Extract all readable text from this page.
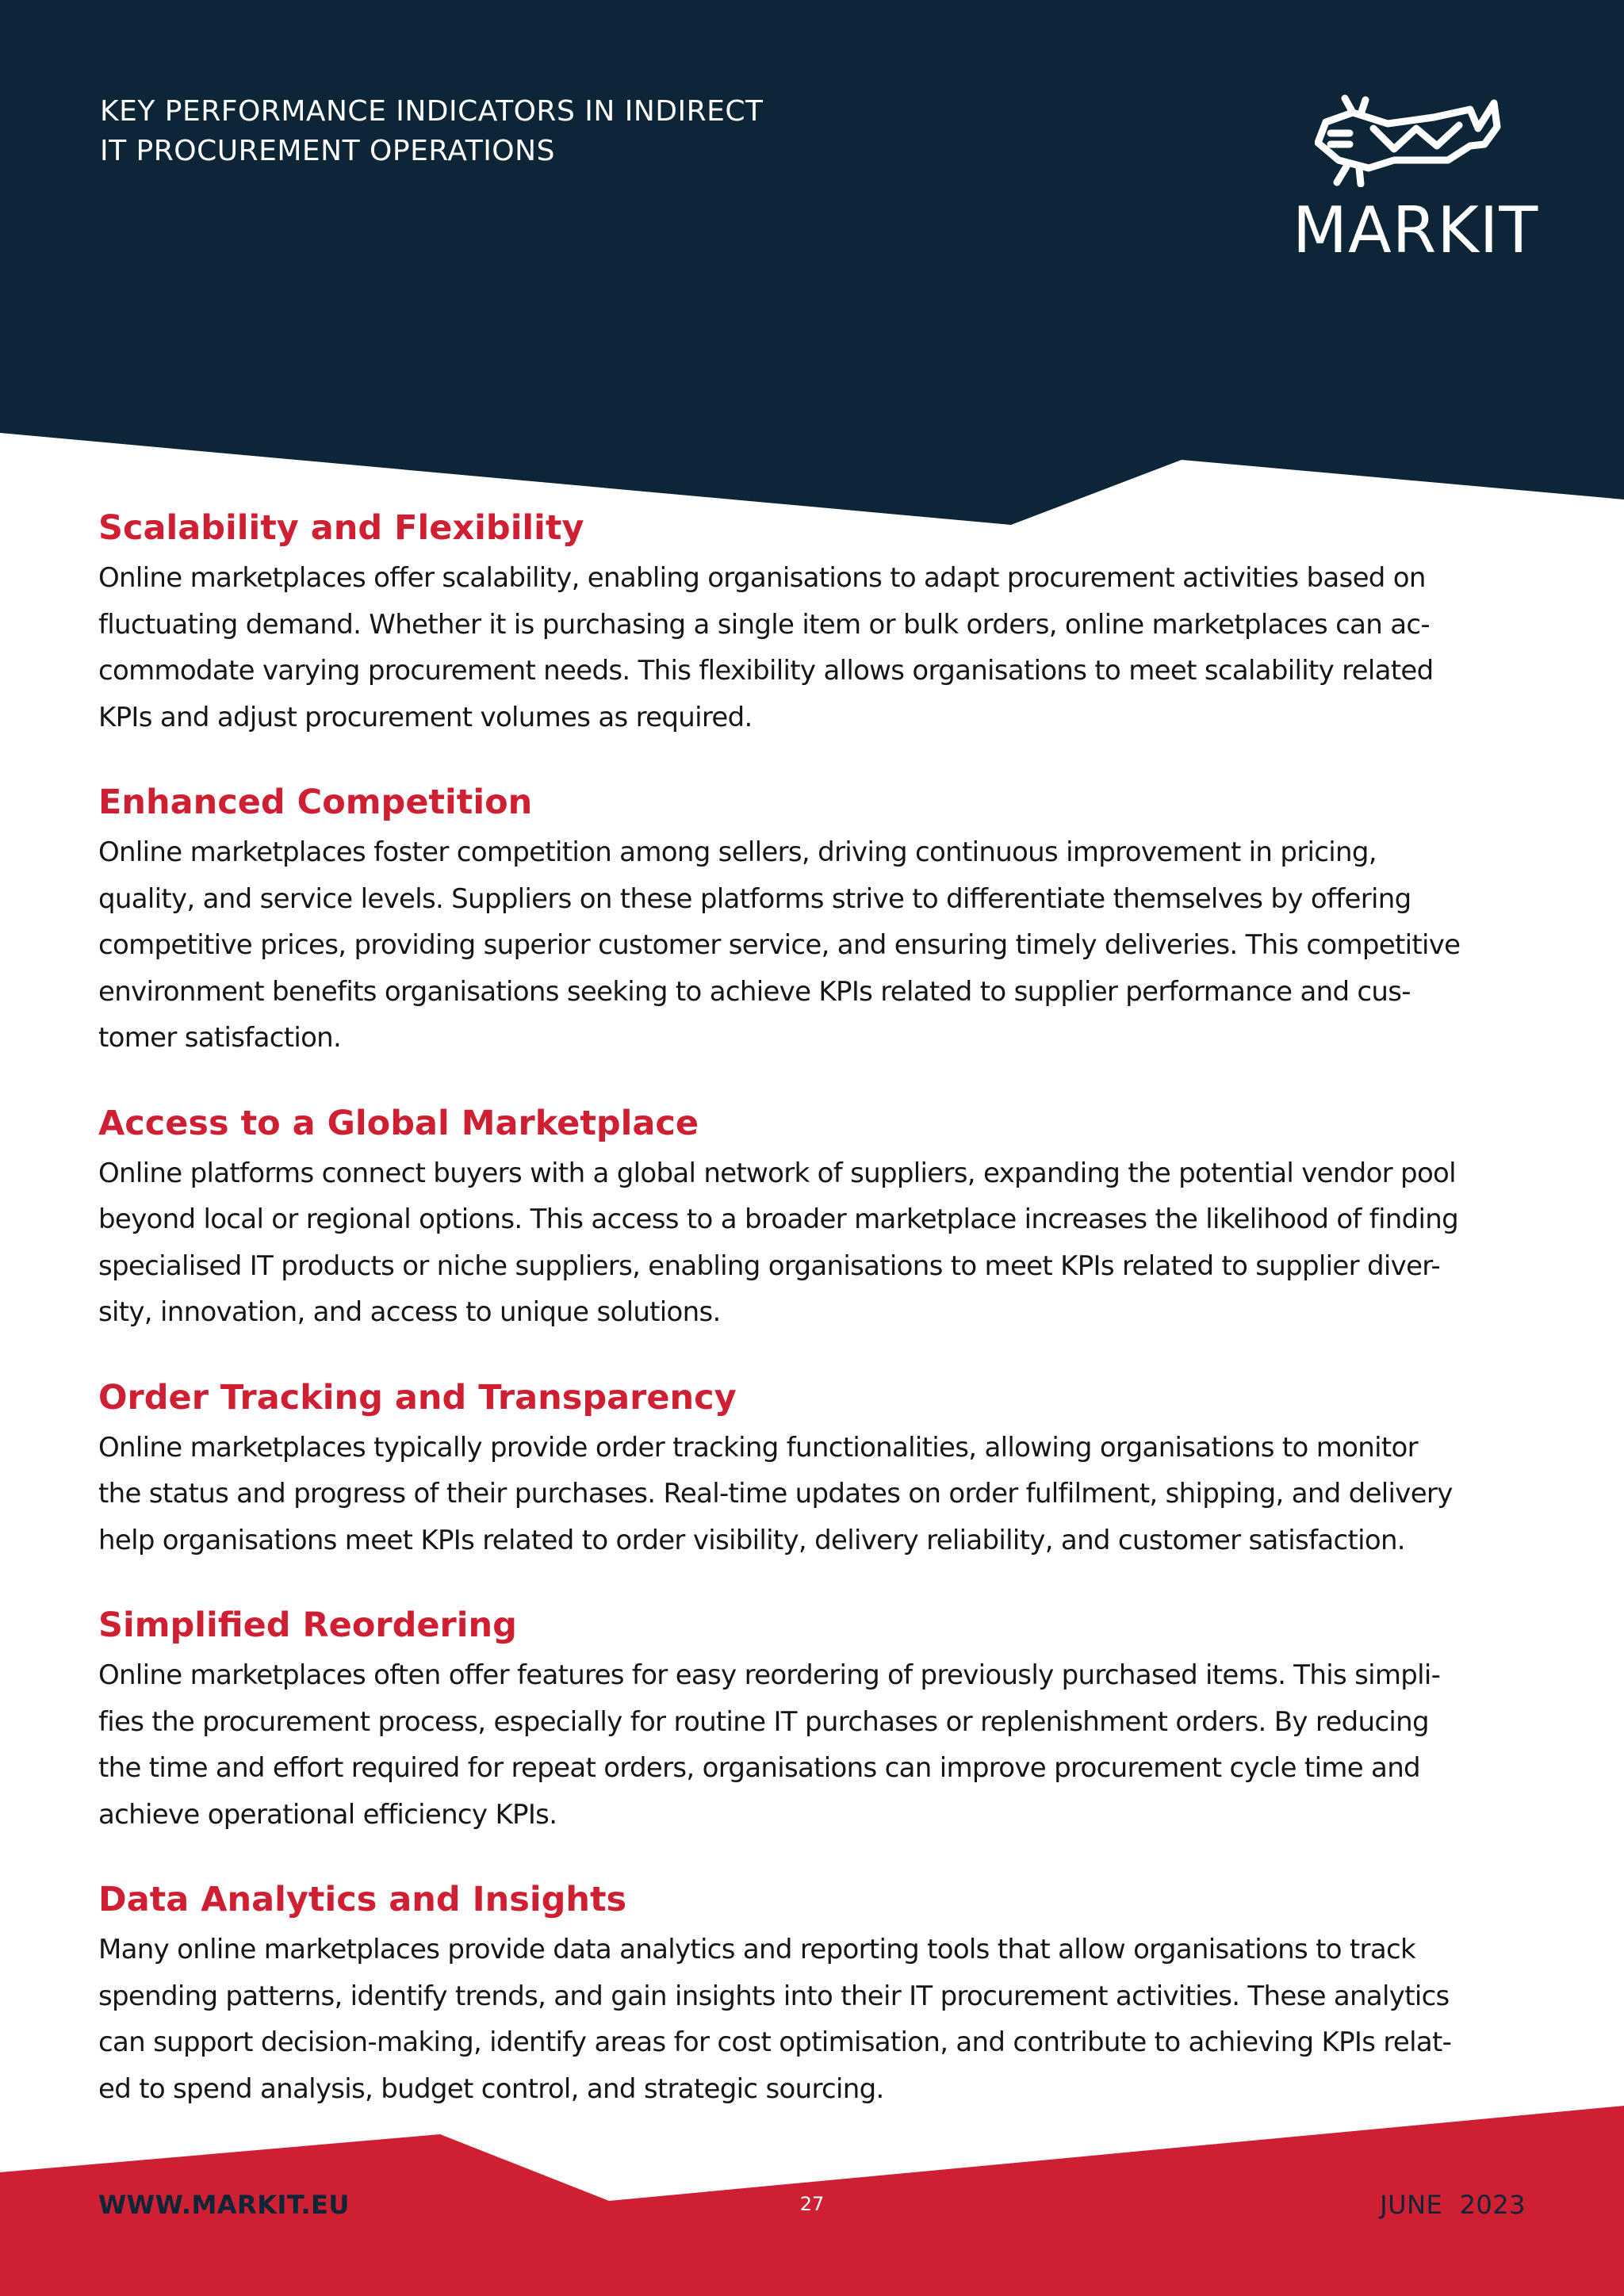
KEY PERFORMANCE INDICATORS IN INDIRECT
IT PROCUREMENT OPERATIONS
MARKIT
Scalability and Flexibility

Online marketplaces offer scalability, enabling organisations to adapt procurement activities based on
fluctuating demand. Whether it is purchasing a single item or bulk orders, online marketplaces can ac-
commodate varying procurement needs. This flexibility allows organisations to meet scalability related
KPIs and adjust procurement volumes as required.

Enhanced Competition

Online marketplaces foster competition among sellers, driving continuous improvement in pricing,
quality, and service levels. Suppliers on these platforms strive to differentiate themselves by offering
competitive prices, providing superior customer service, and ensuring timely deliveries. This competitive
environment benefits organisations seeking to achieve KPIs related to supplier performance and cus-
tomer satisfaction.

Access to a Global Marketplace

Online platforms connect buyers with a global network of suppliers, expanding the potential vendor pool
beyond local or regional options. This access to a broader marketplace increases the likelihood of finding
specialised IT products or niche suppliers, enabling organisations to meet KPIs related to supplier diver-
sity, innovation, and access to unique solutions.

Order Tracking and Transparency

Online marketplaces typically provide order tracking functionalities, allowing organisations to monitor
the status and progress of their purchases. Real-time updates on order fulfilment, shipping, and delivery
help organisations meet KPIs related to order visibility, delivery reliability, and customer satisfaction.

Simplified Reordering

Online marketplaces often offer features for easy reordering of previously purchased items. This simpli-
fies the procurement process, especially for routine IT purchases or replenishment orders. By reducing
the time and effort required for repeat orders, organisations can improve procurement cycle time and
achieve operational efficiency KPIs.

Data Analytics and Insights

Many online marketplaces provide data analytics and reporting tools that allow organisations to track
spending patterns, identify trends, and gain insights into their IT procurement activities. These analytics
can support decision-making, identify areas for cost optimisation, and contribute to achieving KPIs relat-
ed to spend analysis, budget control, and strategic sourcing.

WWW.MARKIT.EU	27	JUNE  2023
